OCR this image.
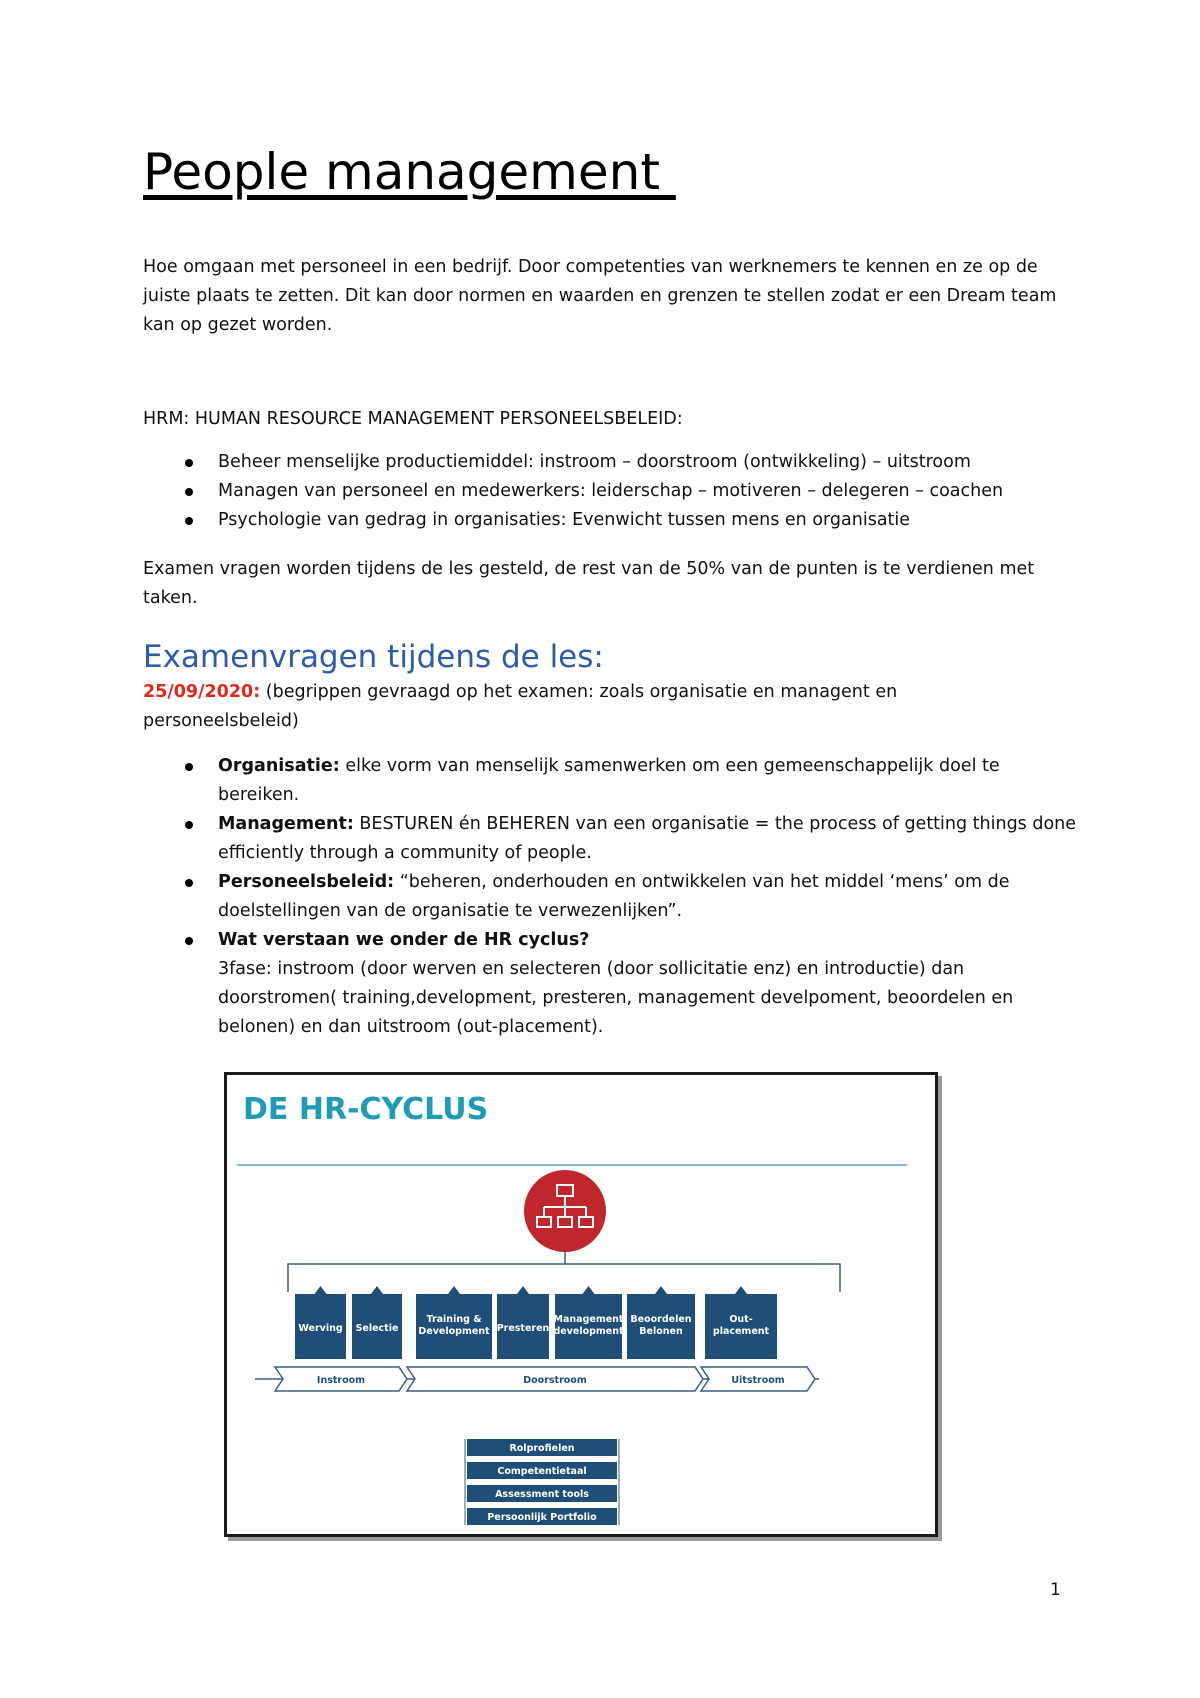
People management

Hoe omgaan met personeel in een bedrijf. Door competenties van werknemers te kennen en ze op de juiste plaats te zetten. Dit kan door normen en waarden en grenzen te stellen zodat er een Dream team kan op gezet worden.

HRM: HUMAN RESOURCE MANAGEMENT PERSONEELSBELEID:

Beheer menselijke productiemiddel: instroom – doorstroom (ontwikkeling) – uitstroom
Managen van personeel en medewerkers: leiderschap – motiveren – delegeren – coachen
Psychologie van gedrag in organisaties: Evenwicht tussen mens en organisatie

Examen vragen worden tijdens de les gesteld, de rest van de 50% van de punten is te verdienen met taken.

Examenvragen tijdens de les:

25/09/2020: (begrippen gevraagd op het examen: zoals organisatie en managent en personeelsbeleid)

Organisatie: elke vorm van menselijk samenwerken om een gemeenschappelijk doel te bereiken.
Management: BESTUREN én BEHEREN van een organisatie = the process of getting things done efficiently through a community of people.
Personeelsbeleid: “beheren, onderhouden en ontwikkelen van het middel ‘mens’ om de doelstellingen van de organisatie te verwezenlijken”.
Wat verstaan we onder de HR cyclus?
3fase: instroom (door werven en selecteren (door sollicitatie enz) en introductie) dan doorstromen( training,development, presteren, management develpoment, beoordelen en belonen) en dan uitstroom (out-placement).
DE HR-CYCLUS
Werving Selectie
Training &
Development Presteren
Management
development
Beoordelen
Belonen
Out-
placement
Instroom	Doorstroom	Uitstroom
Rolprofielen
Competentietaal
Assessment tools
Persoonlijk Portfolio

1
